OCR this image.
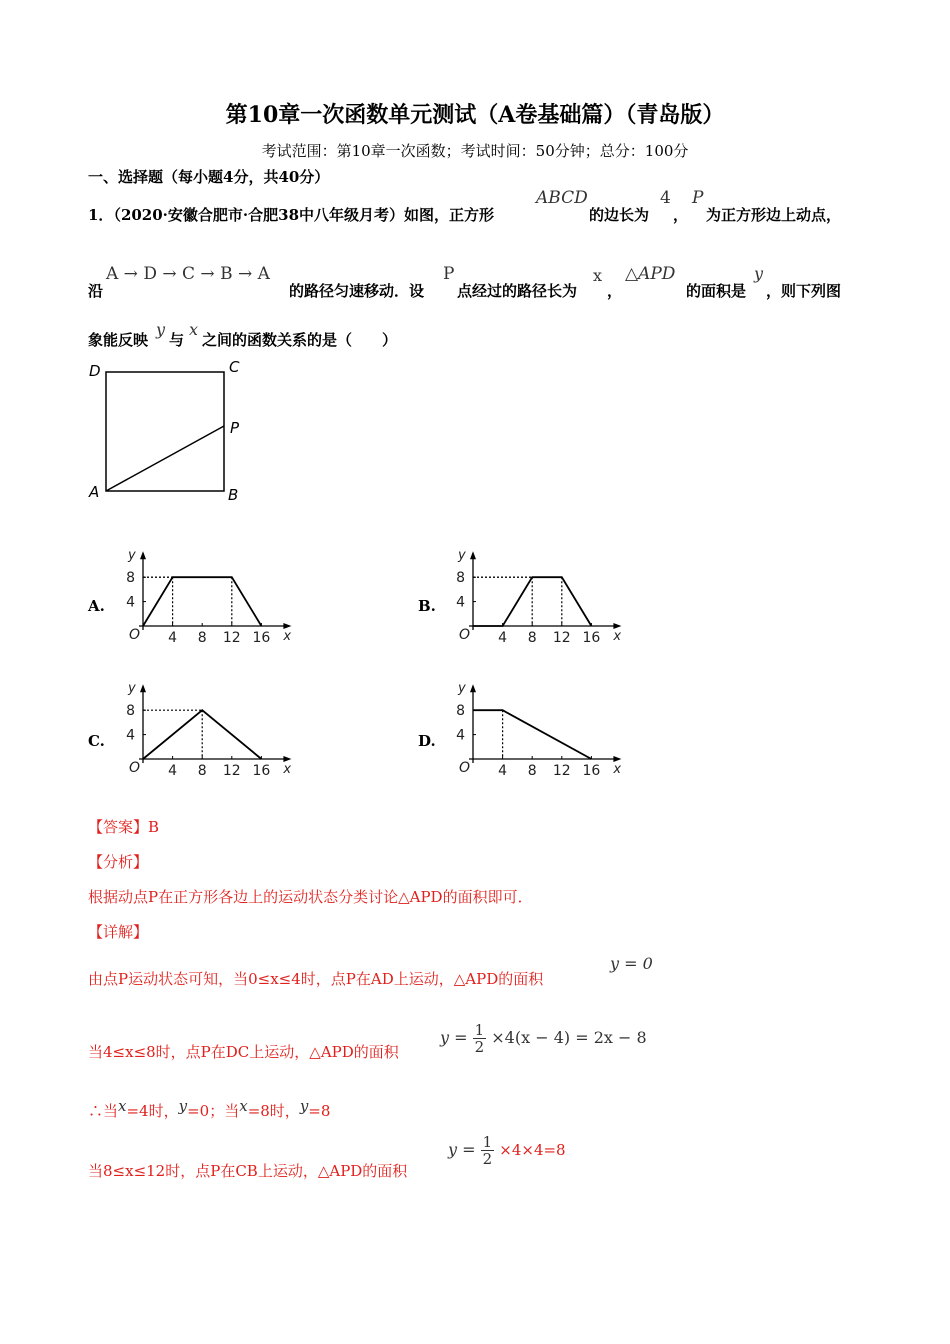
第10章一次函数单元测试（A卷基础篇）（青岛版）
考试范围：第10章一次函数；考试时间：50分钟；总分：100分
一、选择题（每小题4分，共40分）
1．（2020·安徽合肥市·合肥38中八年级月考）如图，正方形
ABCD
的边长为
4
，
P
为正方形边上动点，
沿
A → D → C → B → A
的路径匀速移动．设
P
点经过的路径长为
x
，
△APD
的面积是
y
，则下列图
象能反映
y
与
x
之间的函数关系的是（　　）
D	C
P
A	B
A.	B.
C.	D.
4 8 12 16
4
8
O	x
y
4 8 12 16
4
8
O	x
y
4 8 12 16
4
8
O	x
y
4 8 12 16
4
8
O	x
y
【答案】B
【分析】
根据动点P在正方形各边上的运动状态分类讨论△APD的面积即可．
【详解】
由点P运动状态可知，当0≤x≤4时，点P在AD上运动，△APD的面积
y = 0
当4≤x≤8时，点P在DC上运动，△APD的面积
$y = \frac{1}{2} \times 4(x - 4) = 2x - 8$
∴当x=4时，y=0；当x=8时，y=8
当8≤x≤12时，点P在CB上运动，△APD的面积
$y = \frac{1}{2} \times 4\times 4=8$
